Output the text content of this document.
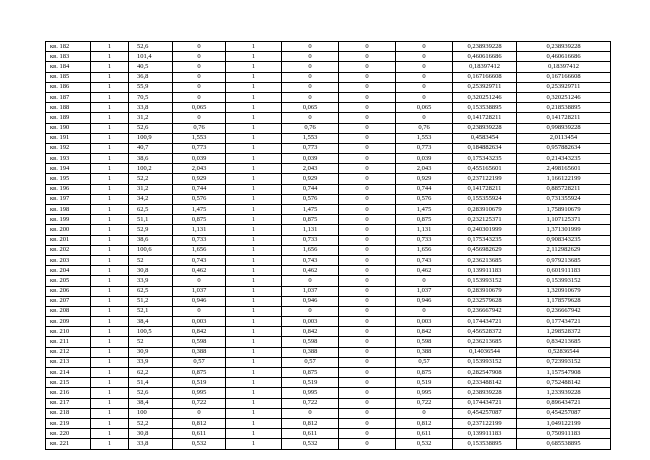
кв. 182	1	52,6	0	1	0	0	0	0,238939228	0,238939228
кв. 183	1	101,4	0	1	0	0	0	0,460616686	0,460616686
кв. 184	1	40,5	0	1	0	0	0	0,18397412	0,18397412
кв. 185	1	36,8	0	1	0	0	0	0,167166608	0,167166608
кв. 186	1	55,9	0	1	0	0	0	0,253929711	0,253929711
кв. 187	1	70,5	0	1	0	0	0	0,320251246	0,320251246
кв. 188	1	33,8	0,065	1	0,065	0	0,065	0,153538895	0,218538895
кв. 189	1	31,2	0	1	0	0	0	0,141728211	0,141728211
кв. 190	1	52,6	0,76	1	0,76	0	0,76	0,238939228	0,998939228
кв. 191	1	100,9	1,553	1	1,553	0	1,553	0,4583454	2,0113454
кв. 192	1	40,7	0,773	1	0,773	0	0,773	0,184882634	0,957882634
кв. 193	1	38,6	0,039	1	0,039	0	0,039	0,175343235	0,214343235
кв. 194	1	100,2	2,043	1	2,043	0	2,043	0,455165601	2,498165601
кв. 195	1	52,2	0,929	1	0,929	0	0,929	0,237122199	1,166122199
кв. 196	1	31,2	0,744	1	0,744	0	0,744	0,141728211	0,885728211
кв. 197	1	34,2	0,576	1	0,576	0	0,576	0,155355924	0,731355924
кв. 198	1	62,5	1,475	1	1,475	0	1,475	0,283910679	1,758910679
кв. 199	1	51,1	0,875	1	0,875	0	0,875	0,232125371	1,107125371
кв. 200	1	52,9	1,131	1	1,131	0	1,131	0,240301999	1,371301999
кв. 201	1	38,6	0,733	1	0,733	0	0,733	0,175343235	0,908343235
кв. 202	1	100,6	1,656	1	1,656	0	1,656	0,456982629	2,112982629
кв. 203	1	52	0,743	1	0,743	0	0,743	0,236213685	0,979213685
кв. 204	1	30,8	0,462	1	0,462	0	0,462	0,139911183	0,601911183
кв. 205	1	33,9	0	1	0	0	0	0,153993152	0,153993152
кв. 206	1	62,5	1,037	1	1,037	0	1,037	0,283910679	1,320910679
кв. 207	1	51,2	0,946	1	0,946	0	0,946	0,232579628	1,178579628
кв. 208	1	52,1	0	1	0	0	0	0,236667942	0,236667942
кв. 209	1	38,4	0,003	1	0,003	0	0,003	0,174434721	0,177434721
кв. 210	1	100,5	0,842	1	0,842	0	0,842	0,456528372	1,298528372
кв. 211	1	52	0,598	1	0,598	0	0,598	0,236213685	0,834213685
кв. 212	1	30,9	0,388	1	0,388	0	0,388	0,14036544	0,52836544
кв. 213	1	33,9	0,57	1	0,57	0	0,57	0,153993152	0,723993152
кв. 214	1	62,2	0,875	1	0,875	0	0,875	0,282547908	1,157547908
кв. 215	1	51,4	0,519	1	0,519	0	0,519	0,233488142	0,752488142
кв. 216	1	52,6	0,995	1	0,995	0	0,995	0,238939228	1,233939228
кв. 217	1	38,4	0,722	1	0,722	0	0,722	0,174434721	0,896434721
кв. 218	1	100	0	1	0	0	0	0,454257087	0,454257087
кв. 219	1	52,2	0,812	1	0,812	0	0,812	0,237122199	1,049122199
кв. 220	1	30,8	0,611	1	0,611	0	0,611	0,139911183	0,750911183
кв. 221	1	33,8	0,532	1	0,532	0	0,532	0,153538895	0,685538895
